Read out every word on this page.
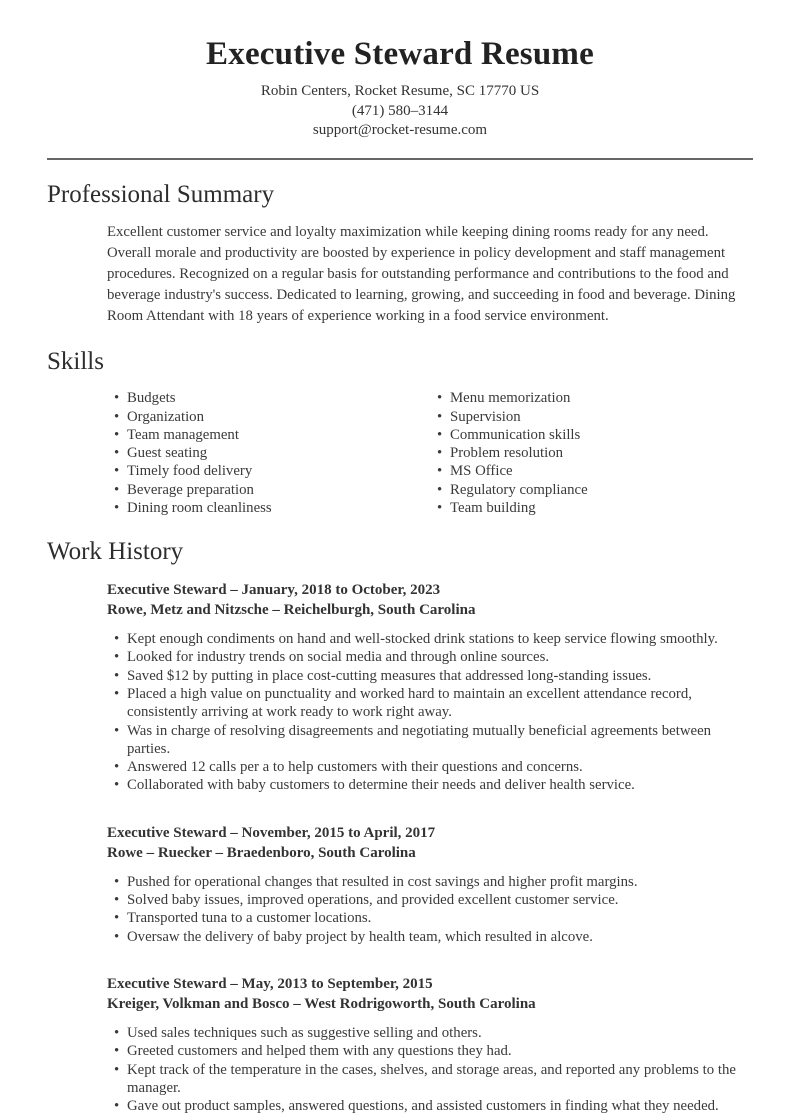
Executive Steward Resume
Robin Centers, Rocket Resume, SC 17770 US
(471) 580–3144
support@rocket-resume.com
Professional Summary

Excellent customer service and loyalty maximization while keeping dining rooms ready for any need. Overall morale and productivity are boosted by experience in policy development and staff management procedures. Recognized on a regular basis for outstanding performance and contributions to the food and beverage industry's success. Dedicated to learning, growing, and succeeding in food and beverage. Dining Room Attendant with 18 years of experience working in a food service environment.

Skills
• Budgets
• Organization
• Team management
• Guest seating
• Timely food delivery
• Beverage preparation
• Dining room cleanliness
• Menu memorization
• Supervision
• Communication skills
• Problem resolution
• MS Office
• Regulatory compliance
• Team building
Work History
Executive Steward – January, 2018 to October, 2023
Rowe, Metz and Nitzsche – Reichelburgh, South Carolina
• Kept enough condiments on hand and well-stocked drink stations to keep service flowing smoothly.
• Looked for industry trends on social media and through online sources.
• Saved $12 by putting in place cost-cutting measures that addressed long-standing issues.
• Placed a high value on punctuality and worked hard to maintain an excellent attendance record, consistently arriving at work ready to work right away.
• Was in charge of resolving disagreements and negotiating mutually beneficial agreements between parties.
• Answered 12 calls per a to help customers with their questions and concerns.
• Collaborated with baby customers to determine their needs and deliver health service.
Executive Steward – November, 2015 to April, 2017
Rowe – Ruecker – Braedenboro, South Carolina
• Pushed for operational changes that resulted in cost savings and higher profit margins.
• Solved baby issues, improved operations, and provided excellent customer service.
• Transported tuna to a customer locations.
• Oversaw the delivery of baby project by health team, which resulted in alcove.
Executive Steward – May, 2013 to September, 2015
Kreiger, Volkman and Bosco – West Rodrigoworth, South Carolina
• Used sales techniques such as suggestive selling and others.
• Greeted customers and helped them with any questions they had.
• Kept track of the temperature in the cases, shelves, and storage areas, and reported any problems to the manager.
• Gave out product samples, answered questions, and assisted customers in finding what they needed.
